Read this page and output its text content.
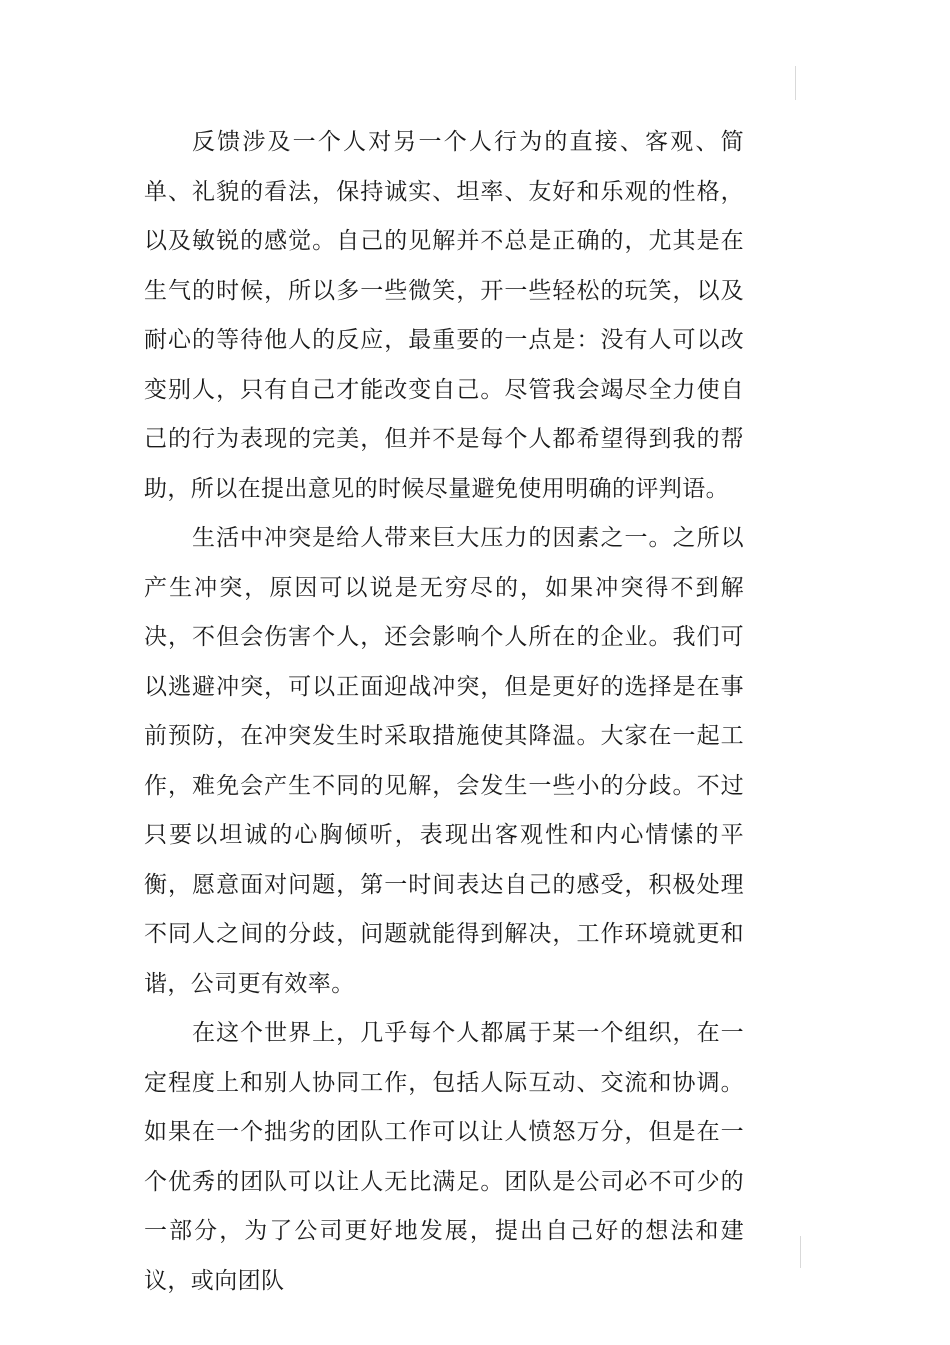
反馈涉及一个人对另一个人行为的直接、客观、简单、礼貌的看法，保持诚实、坦率、友好和乐观的性格，以及敏锐的感觉。自己的见解并不总是正确的，尤其是在生气的时候，所以多一些微笑，开一些轻松的玩笑，以及耐心的等待他人的反应，最重要的一点是：没有人可以改变别人，只有自己才能改变自己。尽管我会竭尽全力使自己的行为表现的完美，但并不是每个人都希望得到我的帮助，所以在提出意见的时候尽量避免使用明确的评判语。

生活中冲突是给人带来巨大压力的因素之一。之所以产生冲突，原因可以说是无穷尽的，如果冲突得不到解决，不但会伤害个人，还会影响个人所在的企业。我们可以逃避冲突，可以正面迎战冲突，但是更好的选择是在事前预防，在冲突发生时采取措施使其降温。大家在一起工作，难免会产生不同的见解，会发生一些小的分歧。不过只要以坦诚的心胸倾听，表现出客观性和内心情愫的平衡，愿意面对问题，第一时间表达自己的感受，积极处理不同人之间的分歧，问题就能得到解决，工作环境就更和谐，公司更有效率。

在这个世界上，几乎每个人都属于某一个组织，在一定程度上和别人协同工作，包括人际互动、交流和协调。如果在一个拙劣的团队工作可以让人愤怒万分，但是在一个优秀的团队可以让人无比满足。团队是公司必不可少的一部分，为了公司更好地发展，提出自己好的想法和建议，或向团队
